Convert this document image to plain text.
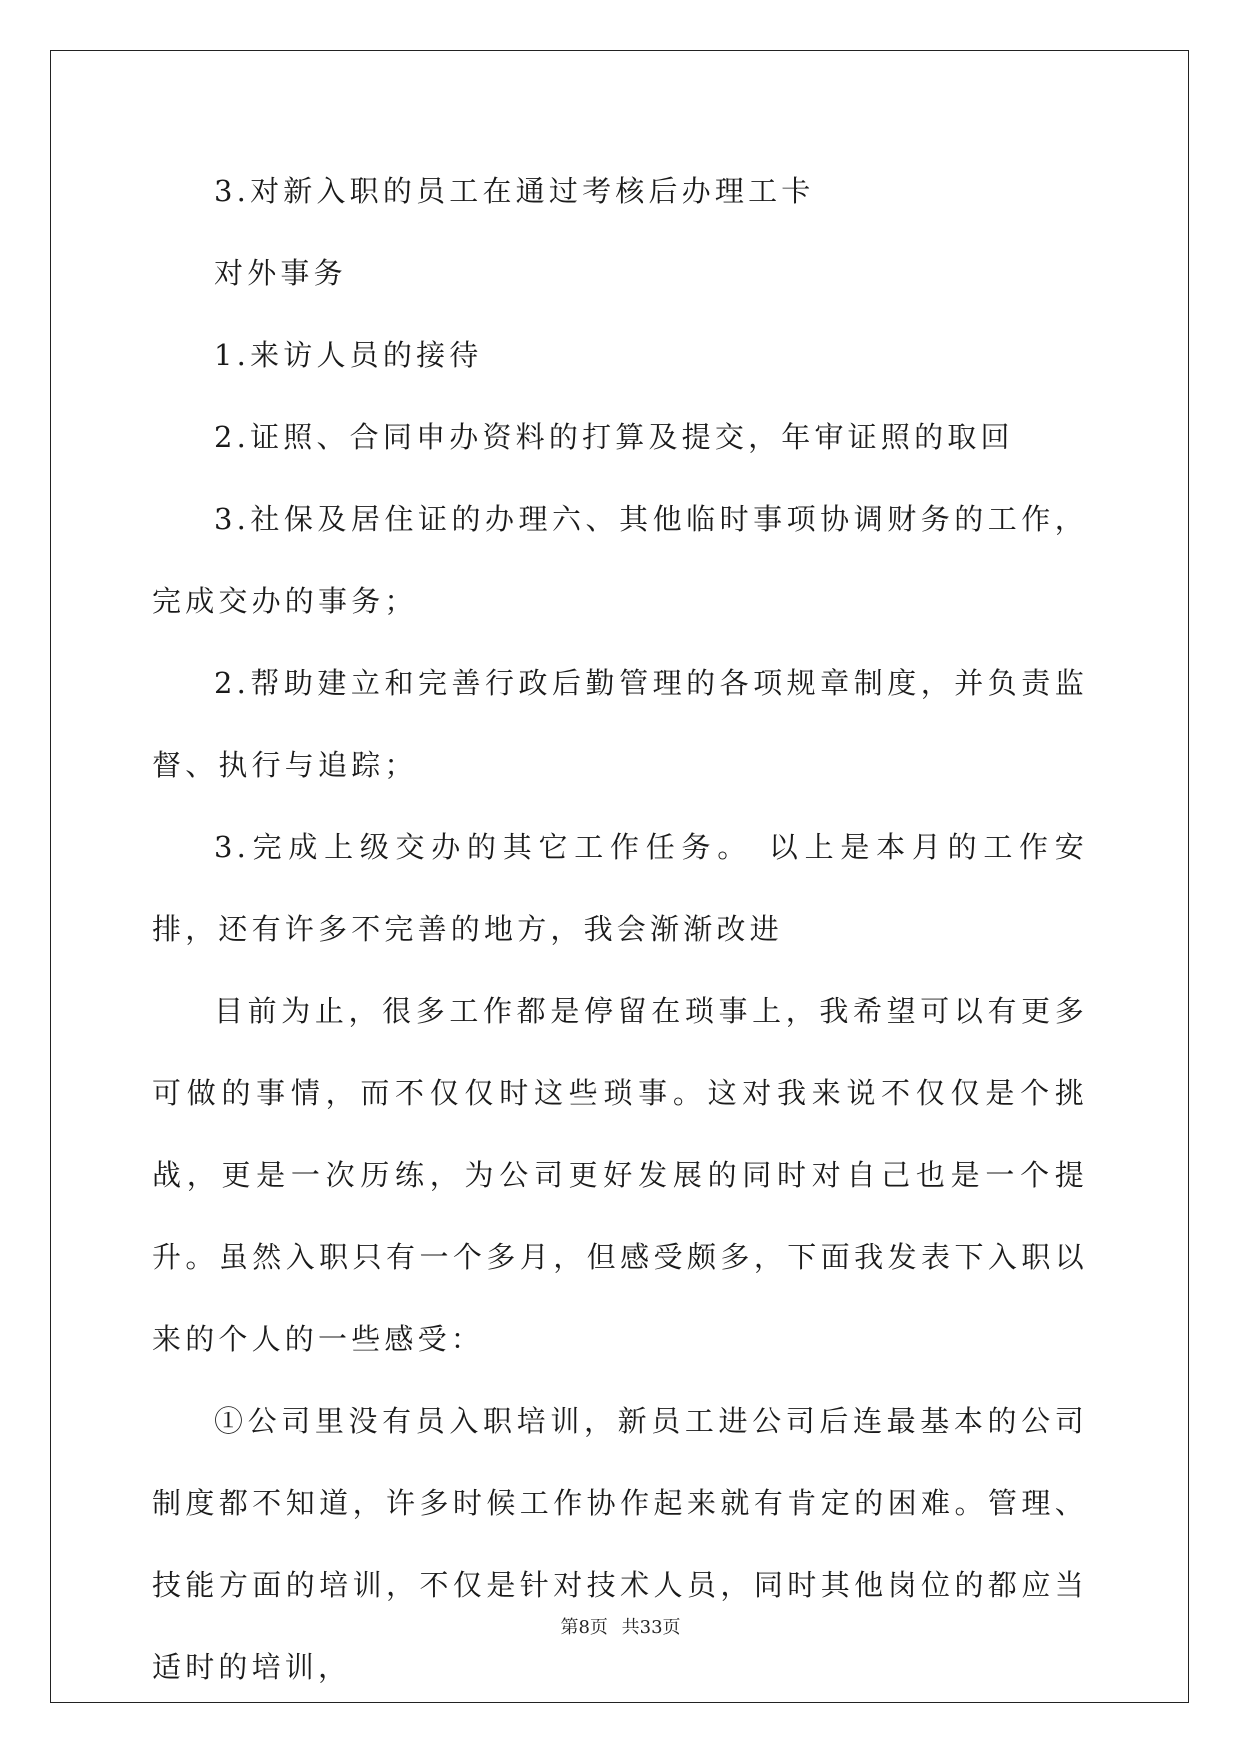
3.对新入职的员工在通过考核后办理工卡

对外事务

1.来访人员的接待

2.证照、合同申办资料的打算及提交，年审证照的取回

3.社保及居住证的办理六、其他临时事项协调财务的工作，完成交办的事务；

2.帮助建立和完善行政后勤管理的各项规章制度，并负责监督、执行与追踪；

3.完成上级交办的其它工作任务。 以上是本月的工作安排，还有许多不完善的地方，我会渐渐改进

目前为止，很多工作都是停留在琐事上，我希望可以有更多可做的事情，而不仅仅时这些琐事。这对我来说不仅仅是个挑战，更是一次历练，为公司更好发展的同时对自己也是一个提升。虽然入职只有一个多月，但感受颇多，下面我发表下入职以来的个人的一些感受：

①公司里没有员入职培训，新员工进公司后连最基本的公司制度都不知道，许多时候工作协作起来就有肯定的困难。管理、技能方面的培训，不仅是针对技术人员，同时其他岗位的都应当适时的培训，

第8页 共33页
